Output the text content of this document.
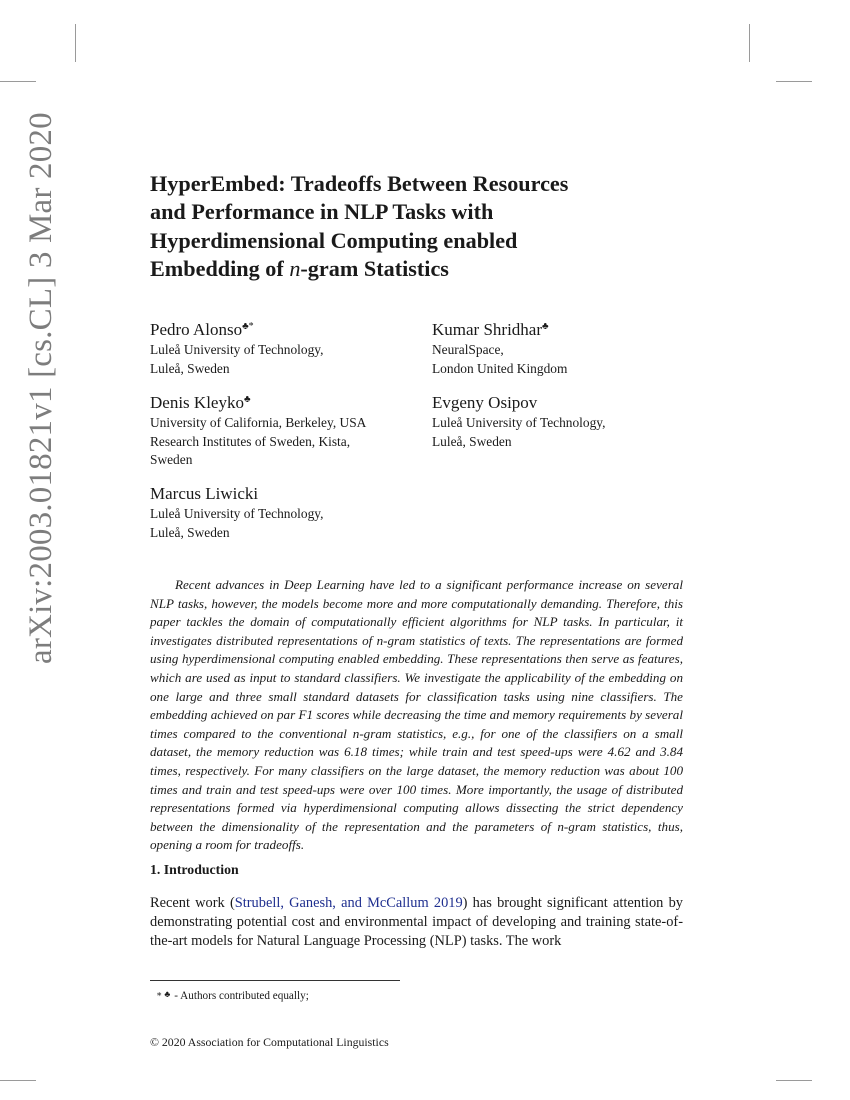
arXiv:2003.01821v1 [cs.CL] 3 Mar 2020	HyperEmbed: Tradeoffs Between Resources
and Performance in NLP Tasks with
Hyperdimensional Computing enabled
Embedding of n-gram Statistics
Pedro Alonso♣*
Luleå University of Technology,
Luleå, Sweden
Kumar Shridhar♣
NeuralSpace,
London United Kingdom
Denis Kleyko♣
University of California, Berkeley, USA
Research Institutes of Sweden, Kista,
Sweden
Evgeny Osipov
Luleå University of Technology,
Luleå, Sweden
Marcus Liwicki
Luleå University of Technology,
Luleå, Sweden
Recent advances in Deep Learning have led to a significant performance increase on several NLP tasks, however, the models become more and more computationally demanding. Therefore, this paper tackles the domain of computationally efficient algorithms for NLP tasks. In particular, it investigates distributed representations of n-gram statistics of texts. The representations are formed using hyperdimensional computing enabled embedding. These representations then serve as features, which are used as input to standard classifiers. We investigate the applicability of the embedding on one large and three small standard datasets for classification tasks using nine classifiers. The embedding achieved on par F1 scores while decreasing the time and memory requirements by several times compared to the conventional n-gram statistics, e.g., for one of the classifiers on a small dataset, the memory reduction was 6.18 times; while train and test speed-ups were 4.62 and 3.84 times, respectively. For many classifiers on the large dataset, the memory reduction was about 100 times and train and test speed-ups were over 100 times. More importantly, the usage of distributed representations formed via hyperdimensional computing allows dissecting the strict dependency between the dimensionality of the representation and the parameters of n-gram statistics, thus, opening a room for tradeoffs.
1. Introduction
Recent work (Strubell, Ganesh, and McCallum 2019) has brought significant attention by demonstrating potential cost and environmental impact of developing and training state-of-the-art models for Natural Language Processing (NLP) tasks. The work
∗ ♣ - Authors contributed equally;
© 2020 Association for Computational Linguistics
